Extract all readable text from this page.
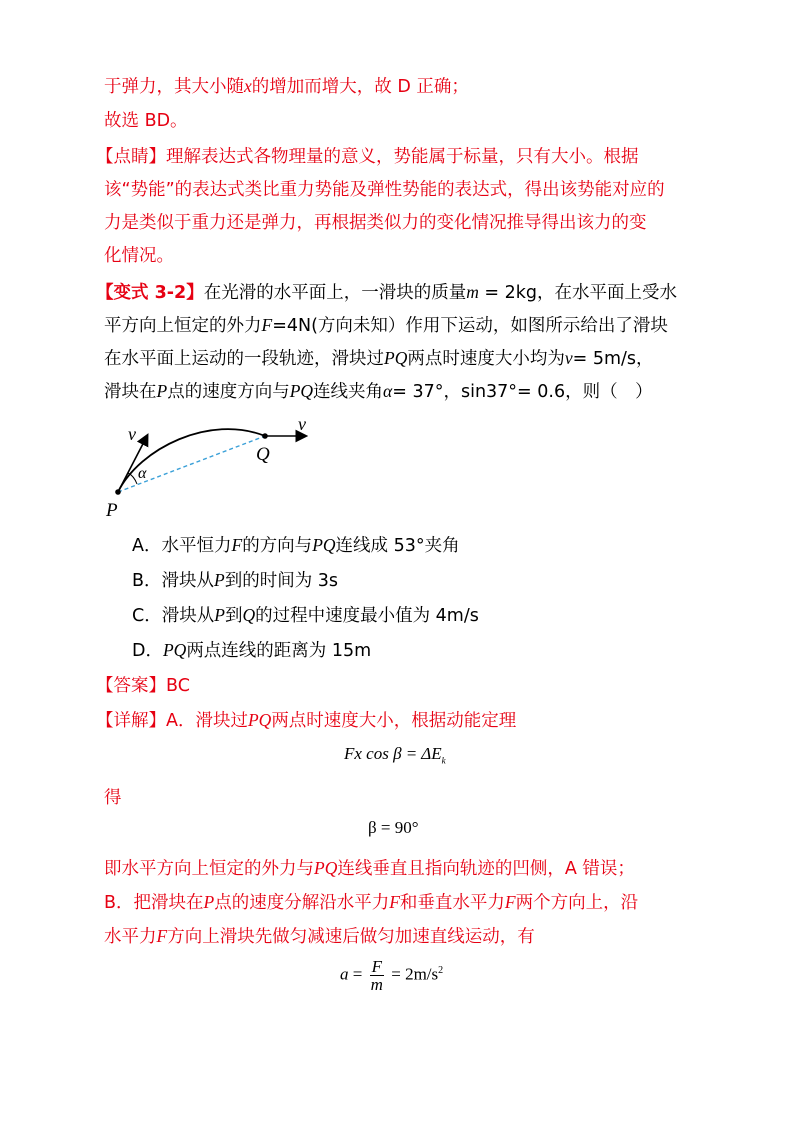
于弹力，其大小随x的增加而增大，故 D 正确；
故选 BD。
【点睛】理解表达式各物理量的意义，势能属于标量，只有大小。根据
该“势能”的表达式类比重力势能及弹性势能的表达式，得出该势能对应的
力是类似于重力还是弹力，再根据类似力的变化情况推导得出该力的变
化情况。
【变式 3-2】在光滑的水平面上，一滑块的质量m = 2kg，在水平面上受水
平方向上恒定的外力F=4N(方向未知）作用下运动，如图所示给出了滑块
在水平面上运动的一段轨迹，滑块过PQ两点时速度大小均为v= 5m/s，
滑块在P点的速度方向与PQ连线夹角α= 37°，sin37°= 0.6，则（　）
v	v
α
P
Q
A．水平恒力F的方向与PQ连线成 53°夹角
B．滑块从P到的时间为 3s
C．滑块从P到Q的过程中速度最小值为 4m/s
D．PQ两点连线的距离为 15m
【答案】BC
【详解】A．滑块过PQ两点时速度大小，根据动能定理
Fx $\cos \beta = \Delta E_k$
得
β = 90°
即水平方向上恒定的外力与PQ连线垂直且指向轨迹的凹侧，A 错误；
B．把滑块在P点的速度分解沿水平力F和垂直水平力F两个方向上，沿
水平力F方向上滑块先做匀减速后做匀加速直线运动，有
$a = \frac{F}{m} = 2m/s^2$
